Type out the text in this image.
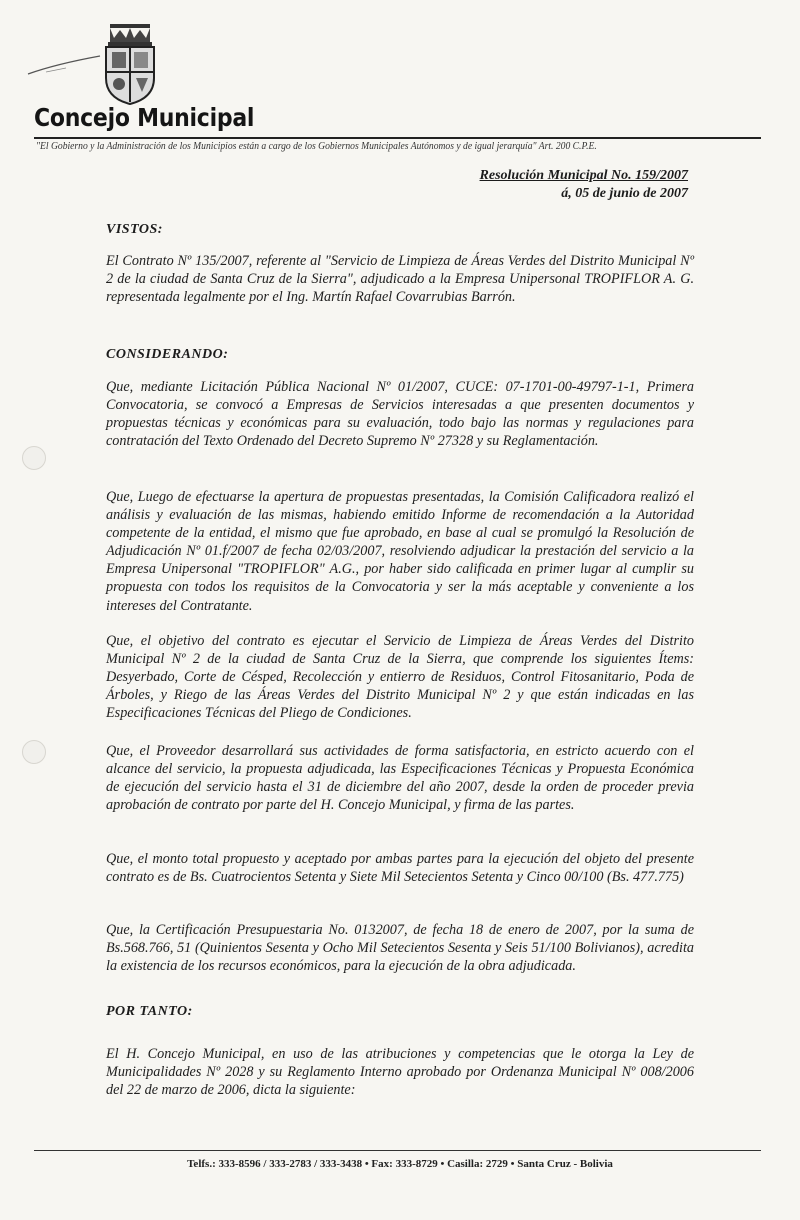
Concejo Municipal
"El Gobierno y la Administración de los Municipios están a cargo de los Gobiernos Municipales Autónomos y de igual jerarquía" Art. 200 C.P.E.
Resolución Municipal No. 159/2007
á, 05 de junio de 2007
VISTOS:
El Contrato Nº 135/2007, referente al "Servicio de Limpieza de Áreas Verdes del Distrito Municipal Nº 2 de la ciudad de Santa Cruz de la Sierra", adjudicado a la Empresa Unipersonal TROPIFLOR A. G. representada legalmente por el Ing. Martín Rafael Covarrubias Barrón.
CONSIDERANDO:
Que, mediante Licitación Pública Nacional Nº 01/2007, CUCE: 07-1701-00-49797-1-1, Primera Convocatoria, se convocó a Empresas de Servicios interesadas a que presenten documentos y propuestas técnicas y económicas para su evaluación, todo bajo las normas y regulaciones para contratación del Texto Ordenado del Decreto Supremo Nº 27328 y su Reglamentación.
Que, Luego de efectuarse la apertura de propuestas presentadas, la Comisión Calificadora realizó el análisis y evaluación de las mismas, habiendo emitido Informe de recomendación a la Autoridad competente de la entidad, el mismo que fue aprobado, en base al cual se promulgó la Resolución de Adjudicación Nº 01.f/2007 de fecha 02/03/2007, resolviendo adjudicar la prestación del servicio a la Empresa Unipersonal "TROPIFLOR" A.G., por haber sido calificada en primer lugar al cumplir su propuesta con todos los requisitos de la Convocatoria y ser la más aceptable y conveniente a los intereses del Contratante.
Que, el objetivo del contrato es ejecutar el Servicio de Limpieza de Áreas Verdes del Distrito Municipal Nº 2 de la ciudad de Santa Cruz de la Sierra, que comprende los siguientes Ítems: Desyerbado, Corte de Césped, Recolección y entierro de Residuos, Control Fitosanitario, Poda de Árboles, y Riego de las Áreas Verdes del Distrito Municipal Nº 2 y que están indicadas en las Especificaciones Técnicas del Pliego de Condiciones.
Que, el Proveedor desarrollará sus actividades de forma satisfactoria, en estricto acuerdo con el alcance del servicio, la propuesta adjudicada, las Especificaciones Técnicas y Propuesta Económica de ejecución del servicio hasta el 31 de diciembre del año 2007, desde la orden de proceder previa aprobación de contrato por parte del H. Concejo Municipal, y firma de las partes.
Que, el monto total propuesto y aceptado por ambas partes para la ejecución del objeto del presente contrato es de Bs. Cuatrocientos Setenta y Siete Mil Setecientos Setenta y Cinco 00/100 (Bs. 477.775)
Que, la Certificación Presupuestaria No. 0132007, de fecha 18 de enero de 2007, por la suma de Bs.568.766, 51 (Quinientos Sesenta y Ocho Mil Setecientos Sesenta y Seis 51/100 Bolivianos), acredita la existencia de los recursos económicos, para la ejecución de la obra adjudicada.
POR TANTO:
El H. Concejo Municipal, en uso de las atribuciones y competencias que le otorga la Ley de Municipalidades Nº 2028 y su Reglamento Interno aprobado por Ordenanza Municipal Nº 008/2006 del 22 de marzo de 2006, dicta la siguiente:
Telfs.: 333-8596 / 333-2783 / 333-3438 • Fax: 333-8729 • Casilla: 2729 • Santa Cruz - Bolivia
